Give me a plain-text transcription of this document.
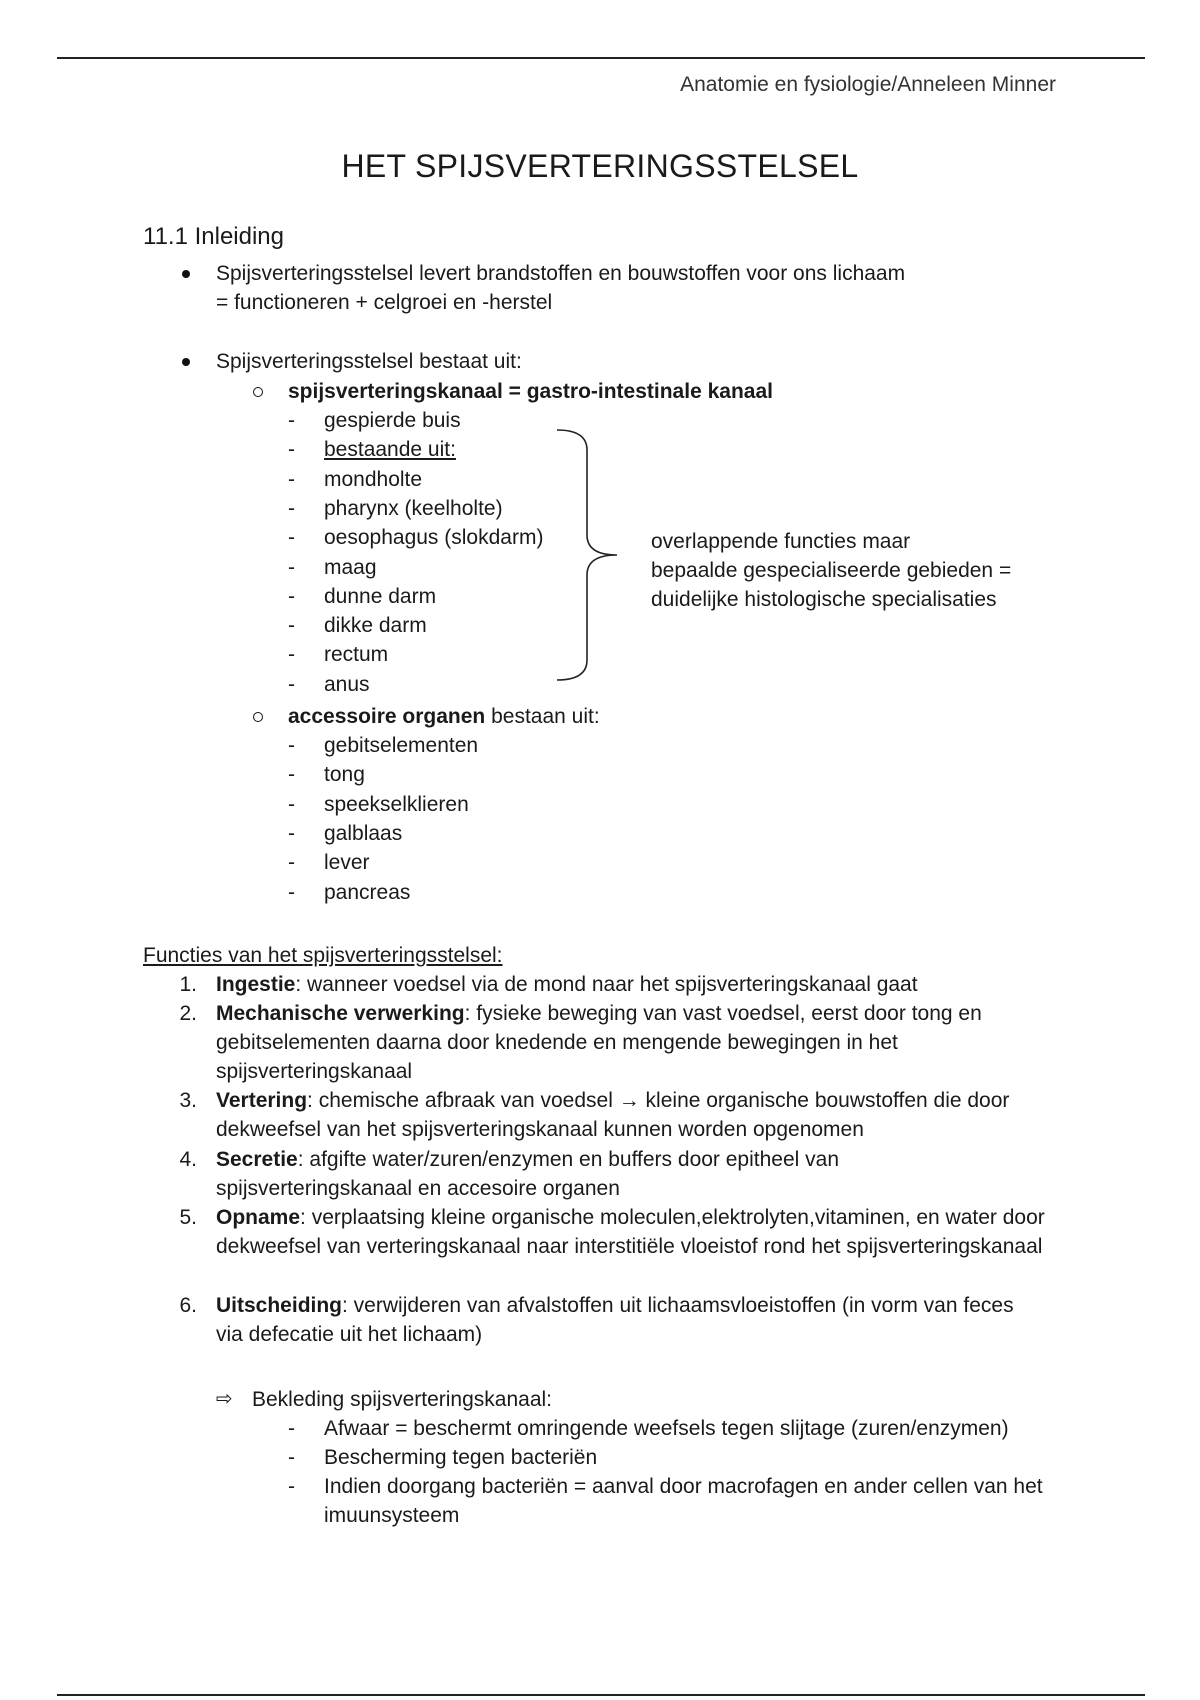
Anatomie en fysiologie/Anneleen Minner
HET SPIJSVERTERINGSSTELSEL
11.1 Inleiding
Spijsverteringsstelsel levert brandstoffen en bouwstoffen voor ons lichaam
= functioneren + celgroei en -herstel
Spijsverteringsstelsel bestaat uit:
spijsverteringskanaal = gastro-intestinale kanaal
- gespierde buis
- bestaande uit:
- mondholte
- pharynx (keelholte)
- oesophagus (slokdarm)
- maag
- dunne darm
- dikke darm
- rectum
- anus
overlappende functies maar
bepaalde gespecialiseerde gebieden =
duidelijke histologische specialisaties
accessoire organen bestaan uit:
- gebitselementen
- tong
- speekselklieren
- galblaas
- lever
- pancreas
Functies van het spijsverteringsstelsel:
1. Ingestie: wanneer voedsel via de mond naar het spijsverteringskanaal gaat
2. Mechanische verwerking: fysieke beweging van vast voedsel, eerst door tong en gebitselementen daarna door knedende en mengende bewegingen in het spijsverteringskanaal
3. Vertering: chemische afbraak van voedsel → kleine organische bouwstoffen die door dekweefsel van het spijsverteringskanaal kunnen worden opgenomen
4. Secretie: afgifte water/zuren/enzymen en buffers door epitheel van spijsverteringskanaal en accesoire organen
5. Opname: verplaatsing kleine organische moleculen,elektrolyten,vitaminen, en water door dekweefsel van verteringskanaal naar interstitiële vloeistof rond het spijsverteringskanaal
6. Uitscheiding: verwijderen van afvalstoffen uit lichaamsvloeistoffen (in vorm van feces via defecatie uit het lichaam)
⇨ Bekleding spijsverteringskanaal:
- Afwaar = beschermt omringende weefsels tegen slijtage (zuren/enzymen)
- Bescherming tegen bacteriën
- Indien doorgang bacteriën = aanval door macrofagen en ander cellen van het imuunsysteem
